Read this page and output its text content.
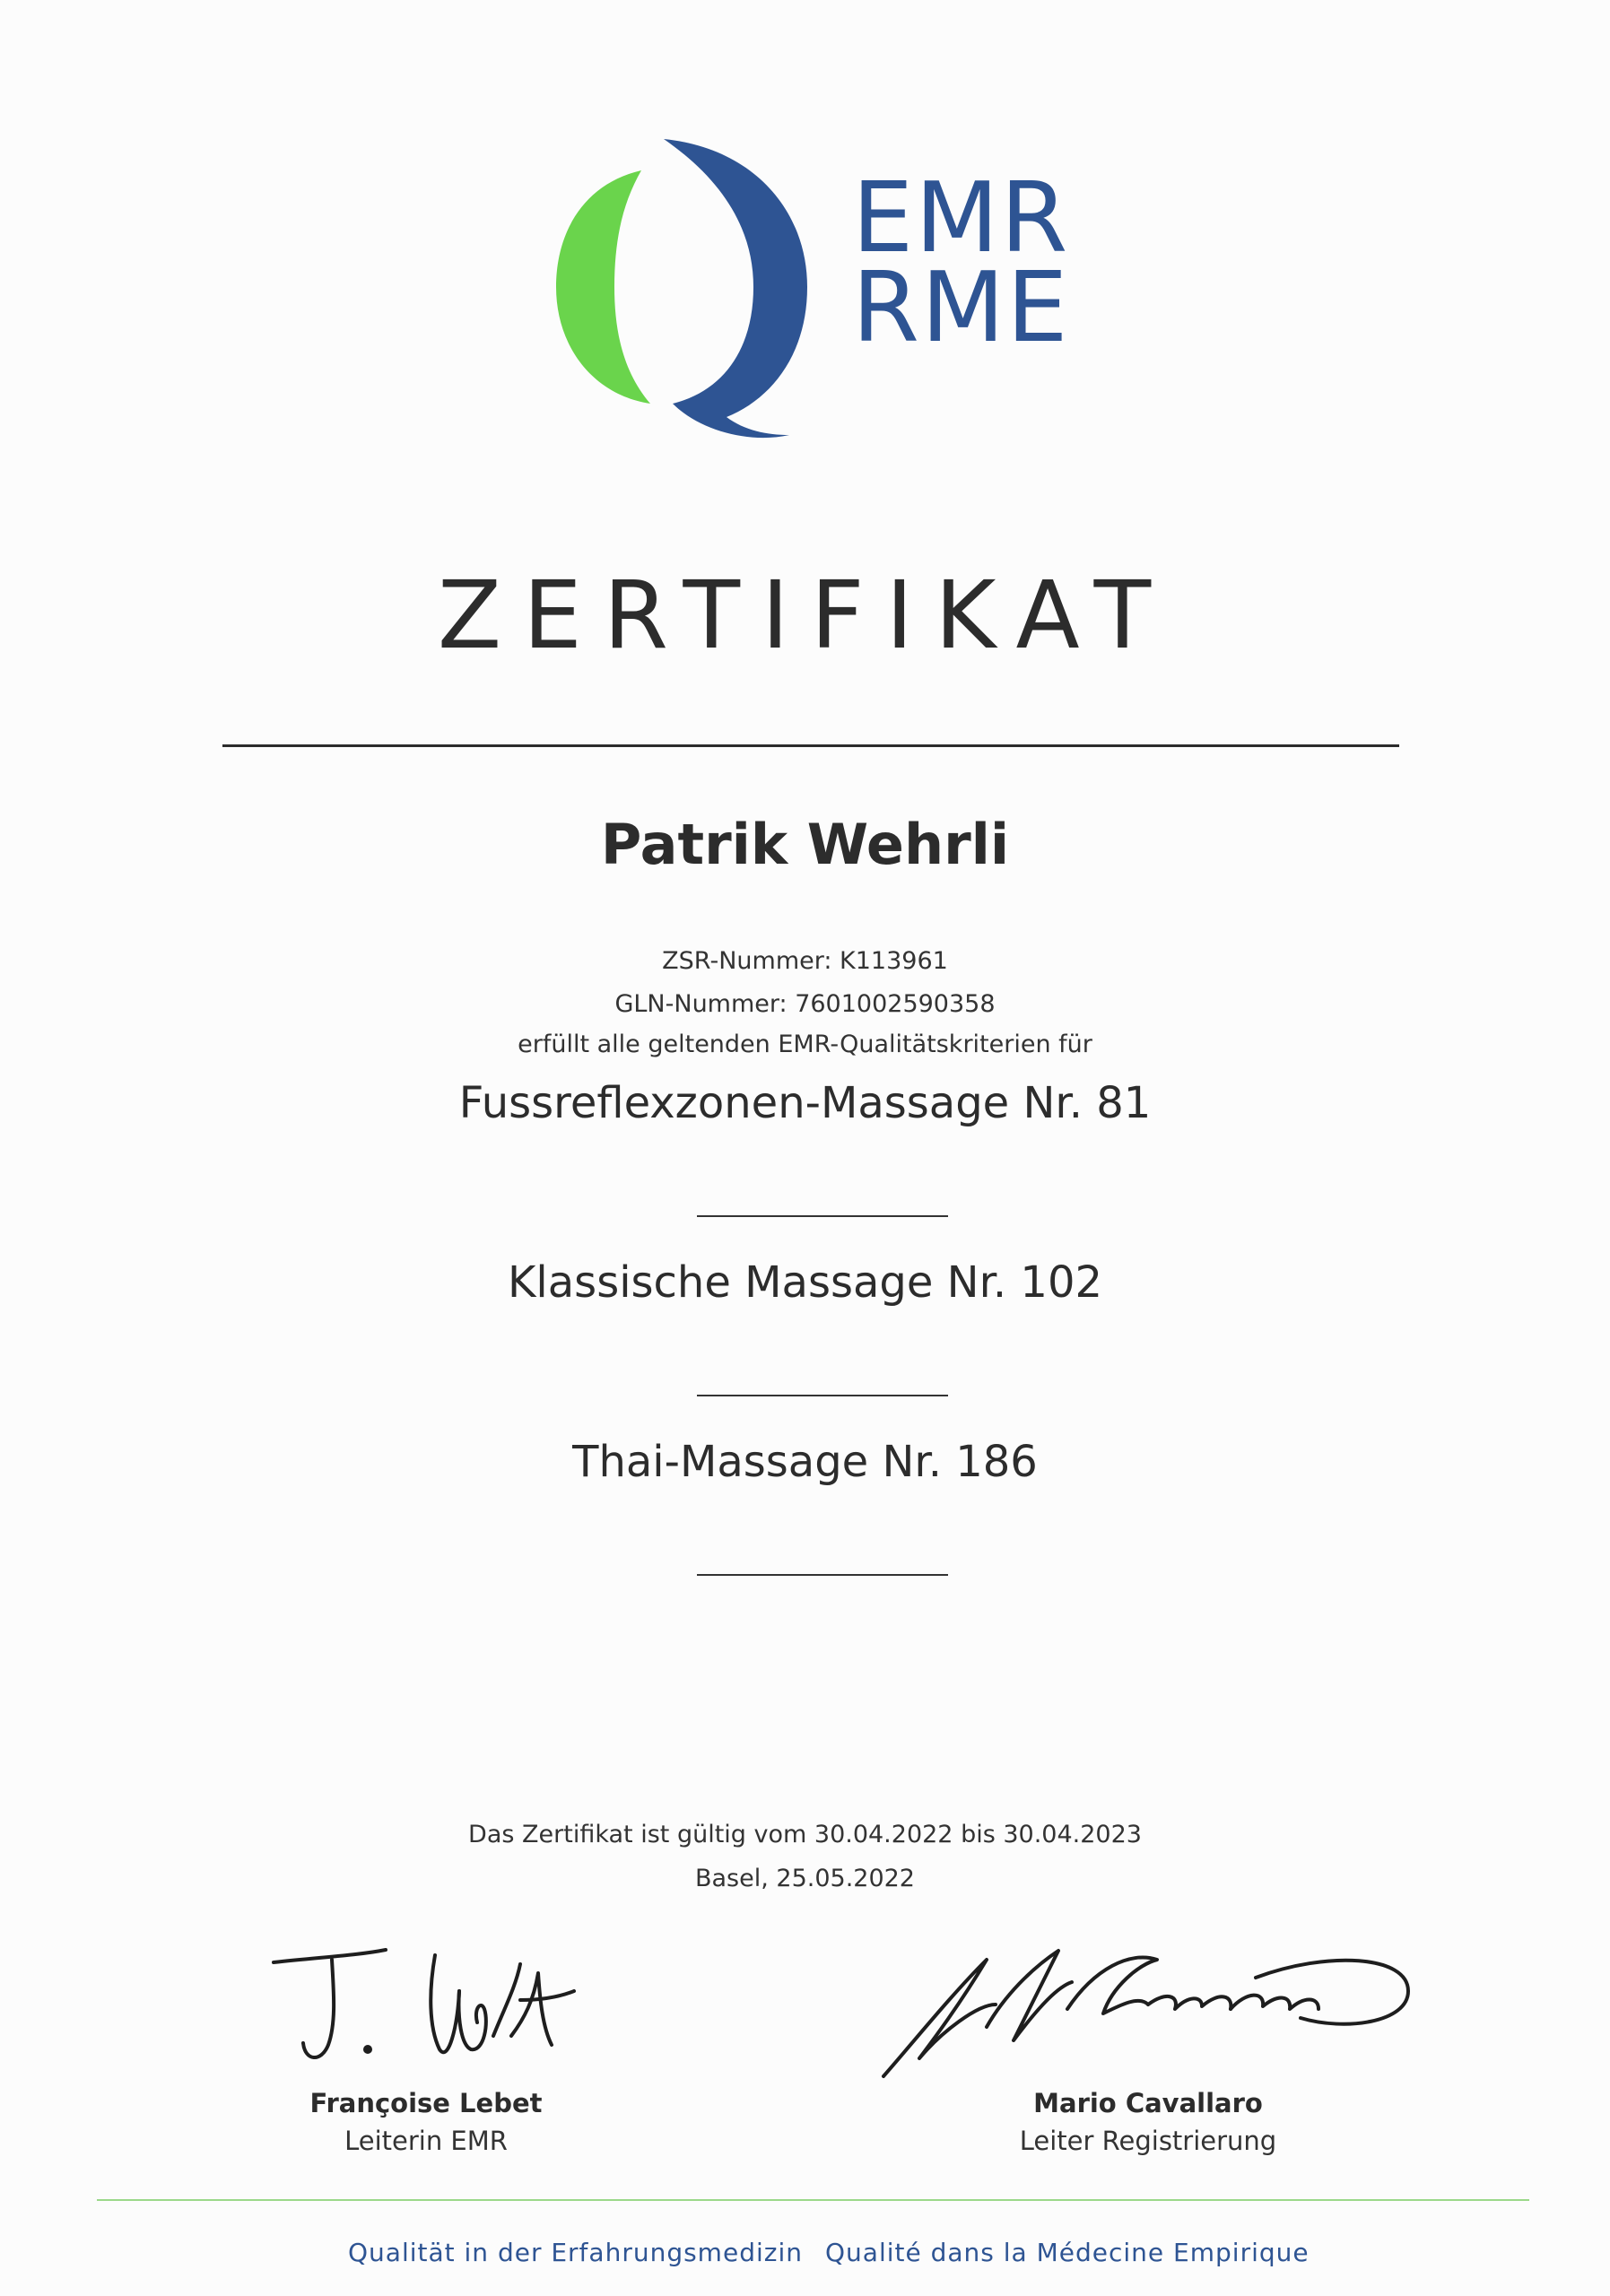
EMR
RME
ZERTIFIKAT
Patrik Wehrli
ZSR-Nummer: K113961
GLN-Nummer: 7601002590358
erfüllt alle geltenden EMR-Qualitätskriterien für
Fussreflexzonen-Massage Nr. 81
Klassische Massage Nr. 102
Thai-Massage Nr. 186
Das Zertifikat ist gültig vom 30.04.2022 bis 30.04.2023
Basel, 25.05.2022
Françoise Lebet
Leiterin EMR
Mario Cavallaro
Leiter Registrierung
Qualität in der Erfahrungsmedizin Qualité dans la Médecine Empirique
